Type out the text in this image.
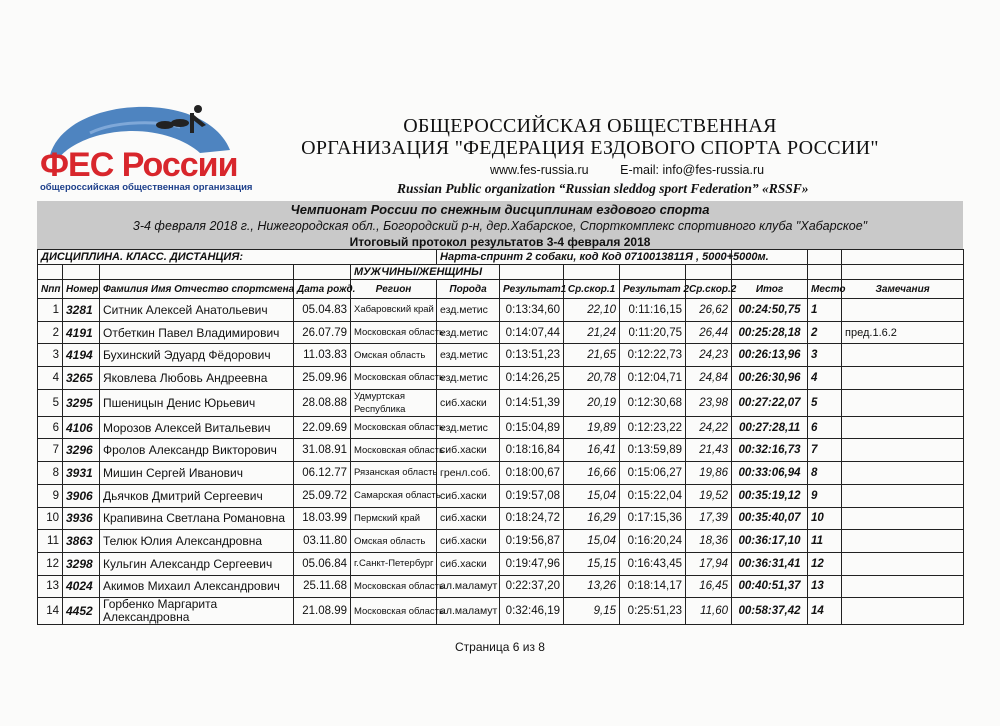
ФЕС России
общероссийская общественная организация
ОБЩЕРОССИЙСКАЯ ОБЩЕСТВЕННАЯ
ОРГАНИЗАЦИЯ "ФЕДЕРАЦИЯ ЕЗДОВОГО СПОРТА РОССИИ"
www.fes-russia.ru	E-mail: info@fes-russia.ru
Russian Public organization “Russian sleddog sport Federation” «RSSF»
Чемпионат России по снежным дисциплинам ездового спорта
3-4 февраля 2018 г., Нижегородская обл., Богородский р-н, дер.Хабарское, Спорткомплекс спортивного клуба "Хабарское"
Итоговый протокол результатов 3-4 февраля 2018
ДИСЦИПЛИНА. КЛАСС. ДИСТАНЦИЯ:					Нарта-спринт 2 собаки, код Код 0710013811Я , 5000+5000м.							
				МУЖЧИНЫ/ЖЕНЩИНЫ								
Nпп	Номер	Фамилия Имя Отчество спортсмена	Дата рожд.	Регион	Порода	Результат1	Ср.скор.1	Результат 2	Ср.скор.2	Итог	Место	Замечания
1	3281	Ситник Алексей Анатольевич	05.04.83	Хабаровский край	езд.метис	0:13:34,60	22,10	0:11:16,15	26,62	00:24:50,75	1	
2	4191	Отбеткин Павел Владимирович	26.07.79	Московская область	езд.метис	0:14:07,44	21,24	0:11:20,75	26,44	00:25:28,18	2	пред.1.6.2
3	4194	Бухинский Эдуард Фёдорович	11.03.83	Омская область	езд.метис	0:13:51,23	21,65	0:12:22,73	24,23	00:26:13,96	3	
4	3265	Яковлева Любовь Андреевна	25.09.96	Московская область	езд.метис	0:14:26,25	20,78	0:12:04,71	24,84	00:26:30,96	4	
5	3295	Пшеницын Денис Юрьевич	28.08.88	Удмуртская Республика	сиб.хаски	0:14:51,39	20,19	0:12:30,68	23,98	00:27:22,07	5	
6	4106	Морозов Алексей Витальевич	22.09.69	Московская область	езд.метис	0:15:04,89	19,89	0:12:23,22	24,22	00:27:28,11	6	
7	3296	Фролов Александр Викторович	31.08.91	Московская область	сиб.хаски	0:18:16,84	16,41	0:13:59,89	21,43	00:32:16,73	7	
8	3931	Мишин Сергей Иванович	06.12.77	Рязанская область	гренл.соб.	0:18:00,67	16,66	0:15:06,27	19,86	00:33:06,94	8	
9	3906	Дьячков Дмитрий Сергеевич	25.09.72	Самарская область	сиб.хаски	0:19:57,08	15,04	0:15:22,04	19,52	00:35:19,12	9	
10	3936	Крапивина Светлана Романовна	18.03.99	Пермский край	сиб.хаски	0:18:24,72	16,29	0:17:15,36	17,39	00:35:40,07	10	
11	3863	Телюк Юлия Александровна	03.11.80	Омская область	сиб.хаски	0:19:56,87	15,04	0:16:20,24	18,36	00:36:17,10	11	
12	3298	Кульгин Александр Сергеевич	05.06.84	г.Санкт-Петербург	сиб.хаски	0:19:47,96	15,15	0:16:43,45	17,94	00:36:31,41	12	
13	4024	Акимов Михаил Александрович	25.11.68	Московская область	ал.маламут	0:22:37,20	13,26	0:18:14,17	16,45	00:40:51,37	13	
14	4452	Горбенко Маргарита Александровна	21.08.99	Московская область	ал.маламут	0:32:46,19	9,15	0:25:51,23	11,60	00:58:37,42	14	
Страница 6 из 8
